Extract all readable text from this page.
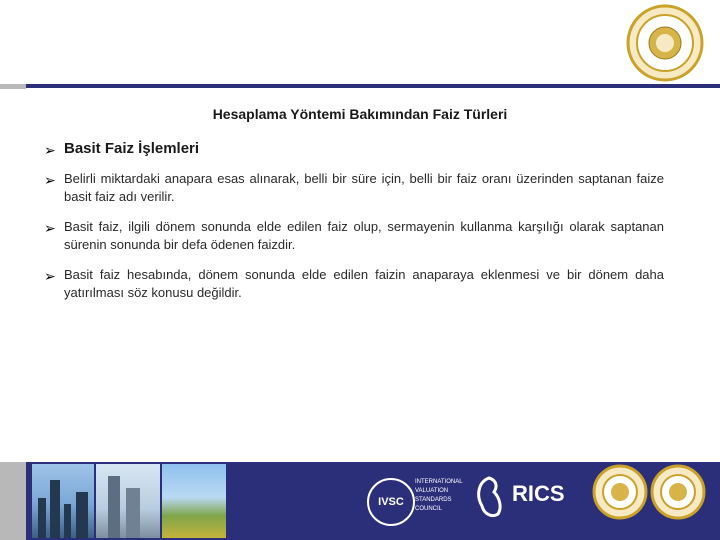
Hesaplama Yöntemi Bakımından Faiz Türleri
➢ Basit Faiz İşlemleri
➢ Belirli miktardaki anapara esas alınarak, belli bir süre için, belli bir faiz oranı üzerinden saptanan faize basit faiz adı verilir.
➢ Basit faiz, ilgili dönem sonunda elde edilen faiz olup, sermayenin kullanma karşılığı olarak saptanan sürenin sonunda bir defa ödenen faizdir.
➢ Basit faiz hesabında, dönem sonunda elde edilen faizin anaparaya eklenmesi ve bir dönem daha yatırılması söz konusu değildir.
IVSC
INTERNATIONAL VALUATION STANDARDS COUNCIL
RICS
